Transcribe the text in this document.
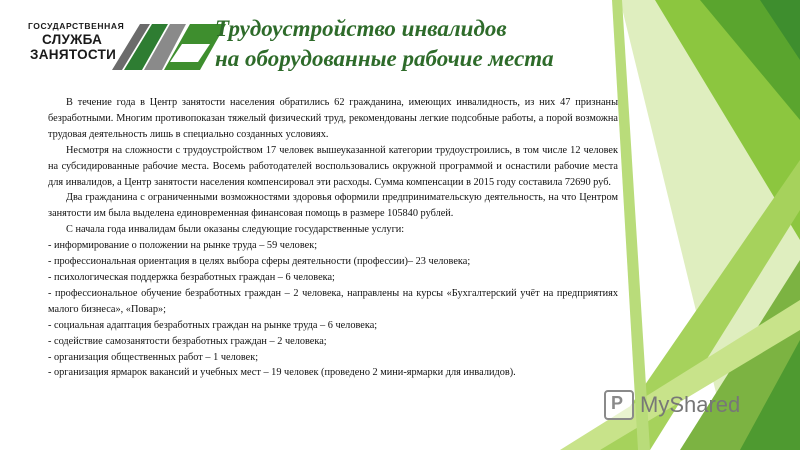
ГОСУДАРСТВЕННАЯ
СЛУЖБА
ЗАНЯТОСТИ
Трудоустройство инвалидов
на оборудованные рабочие места

В течение года в Центр занятости населения обратились 62 гражданина, имеющих инвалидность, из них 47 признаны безработными. Многим противопоказан тяжелый физический труд, рекомендованы легкие подсобные работы, а порой возможна трудовая деятельность лишь в специально созданных условиях.

Несмотря на сложности с трудоустройством 17 человек вышеуказанной категории трудоустроились, в том числе 12 человек на субсидированные рабочие места. Восемь работодателей воспользовались окружной программой и оснастили рабочие места для инвалидов, а Центр занятости населения компенсировал эти расходы. Сумма компенсации в 2015 году составила 72690 руб.

Два гражданина с ограниченными возможностями здоровья оформили предпринимательскую деятельность, на что Центром занятости им была выделена единовременная финансовая помощь в размере 105840 рублей.

С начала года инвалидам были оказаны следующие государственные услуги:

- информирование о положении на рынке труда – 59 человек;

- профессиональная ориентация в целях выбора сферы деятельности (профессии)– 23 человека;

- психологическая поддержка безработных граждан – 6 человека;

- профессиональное обучение безработных граждан – 2 человека, направлены на курсы «Бухгалтерский учёт на предприятиях малого бизнеса», «Повар»;

- социальная адаптация безработных граждан на рынке труда – 6 человека;

- содействие самозанятости безработных граждан – 2 человека;

- организация общественных работ – 1 человек;

- организация ярмарок вакансий и учебных мест – 19 человек (проведено 2 мини-ярмарки для инвалидов).

P MyShared
